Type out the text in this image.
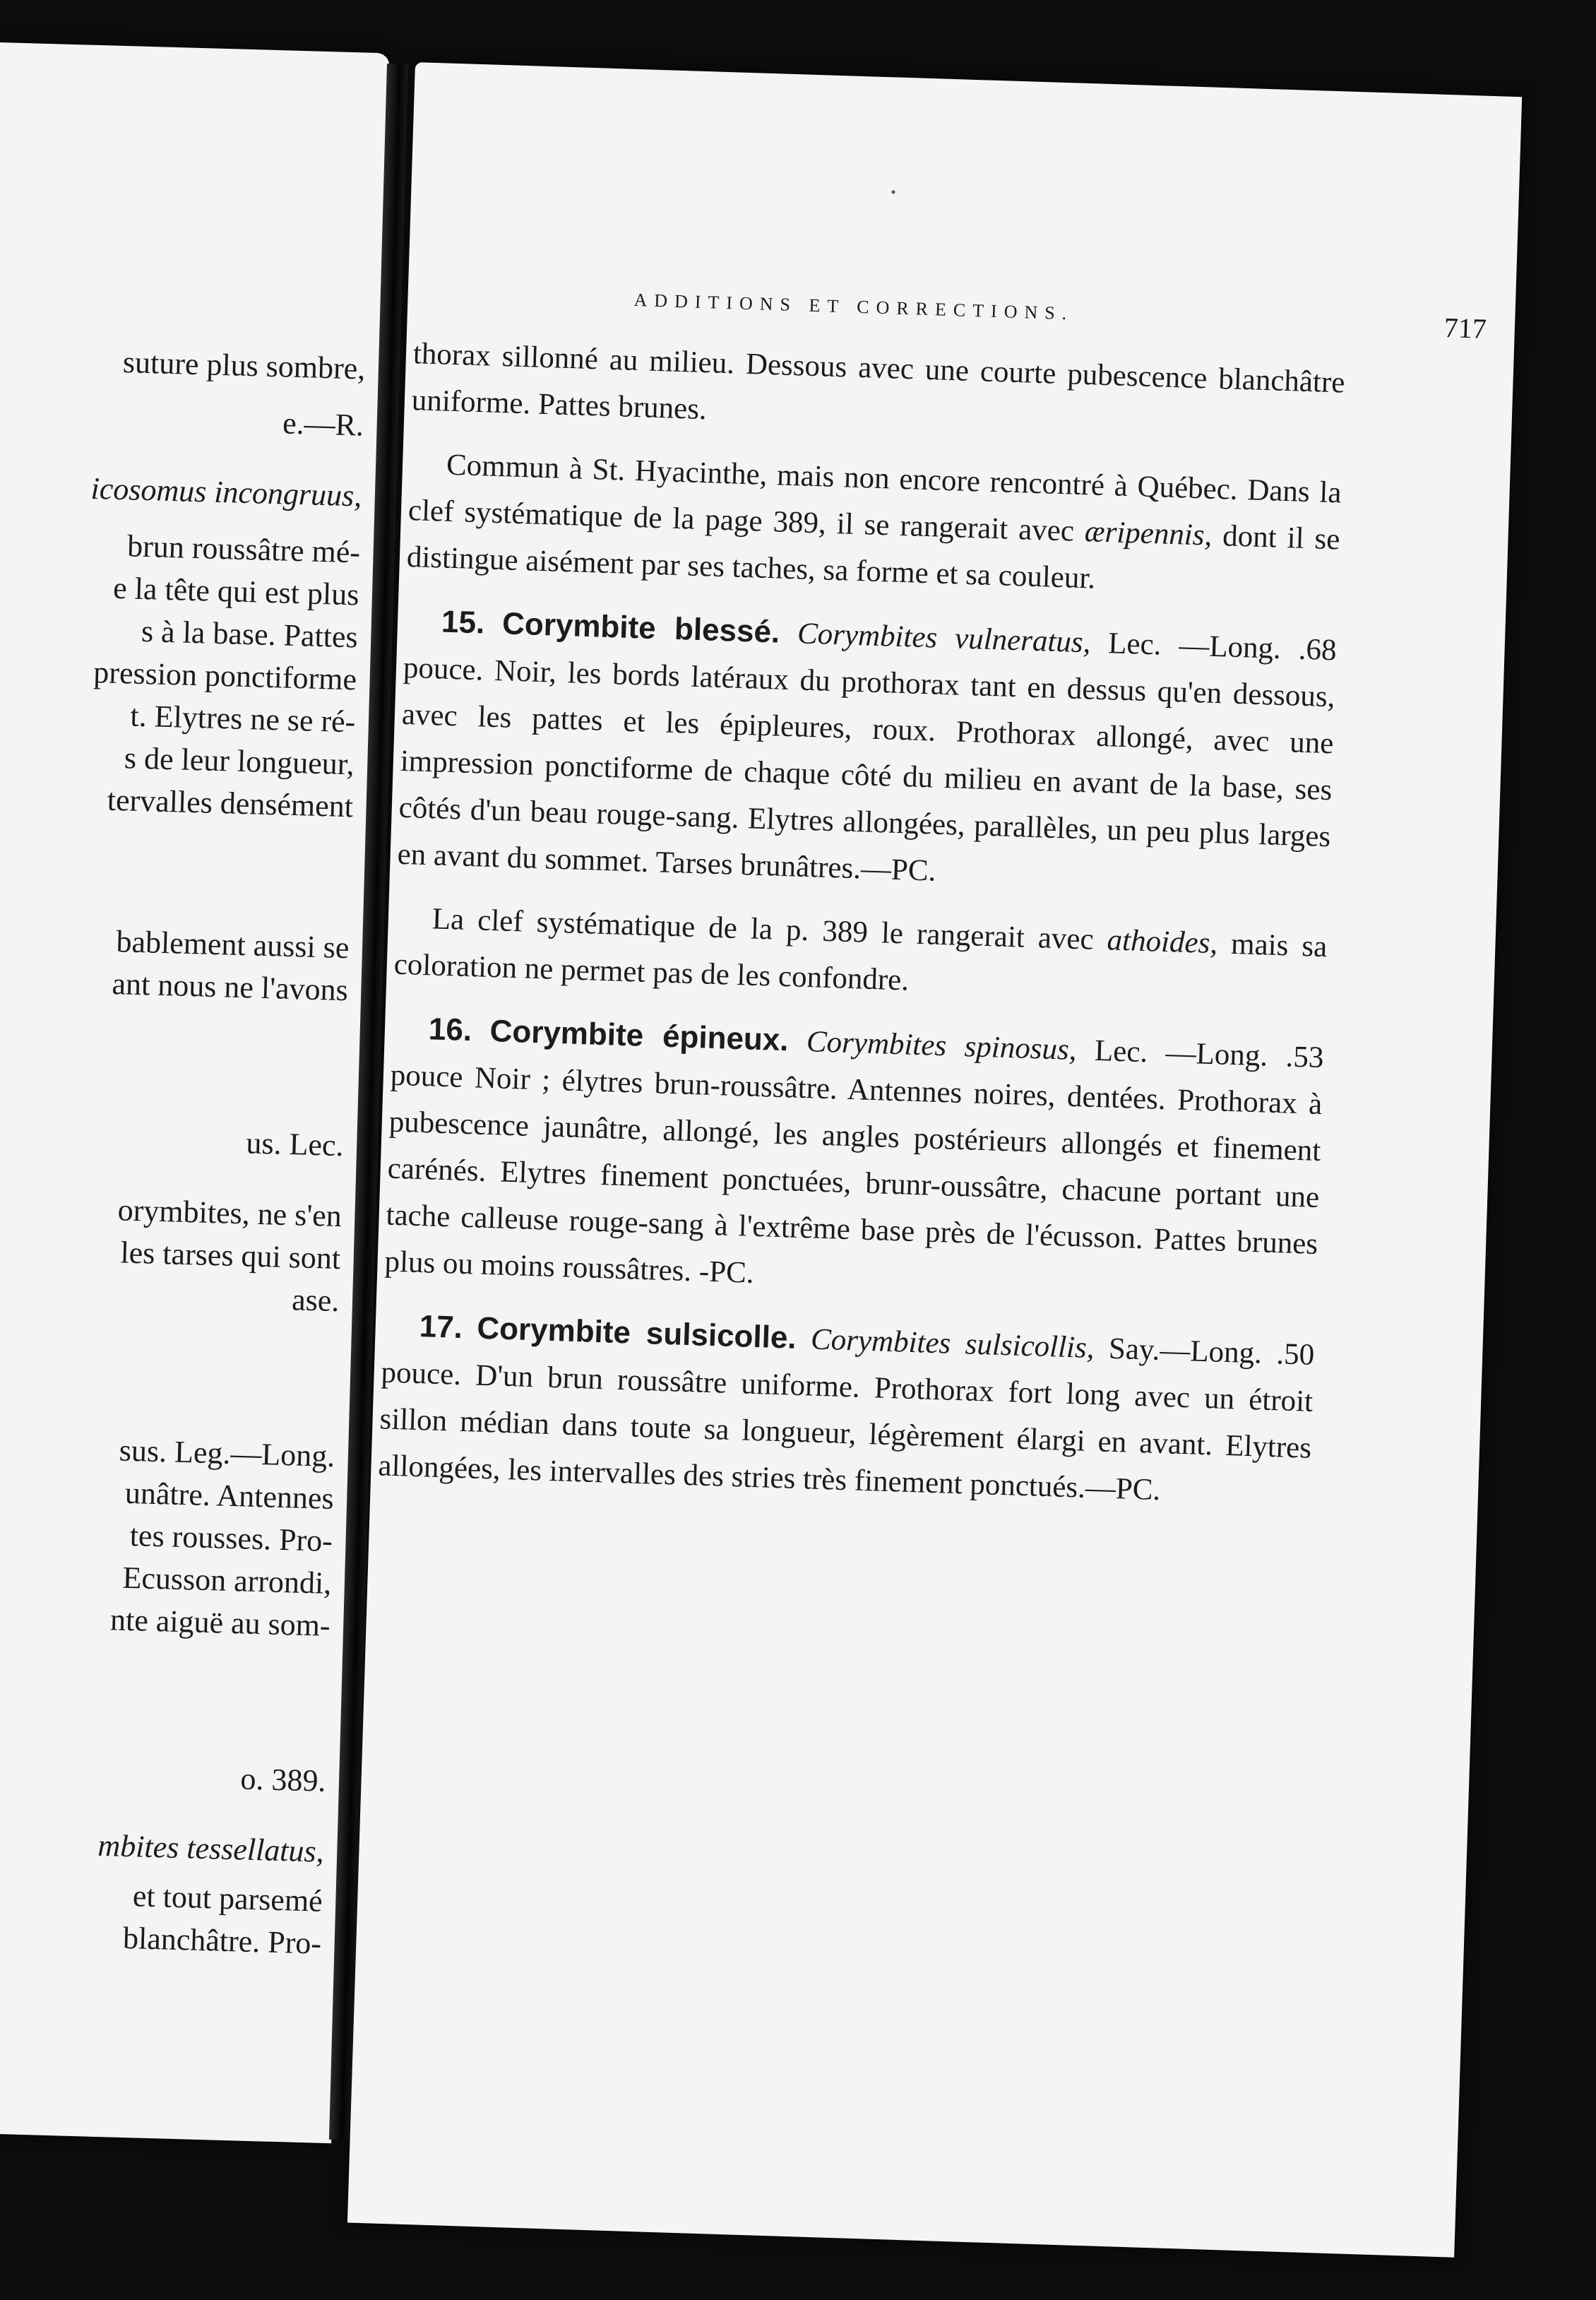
suture plus sombre,
e.—R.
icosomus incongruus,
brun roussâtre mé-
e la tête qui est plus
s à la base. Pattes
pression ponctiforme
t. Elytres ne se ré-
s de leur longueur,
tervalles densément
bablement aussi se
ant nous ne l'avons
us. Lec.
orymbites, ne s'en
les tarses qui sont
ase.
sus. Leg.—Long.
unâtre. Antennes
tes rousses. Pro-
Ecusson arrondi,
nte aiguë au som-
o. 389.
mbites tessellatus,
et tout parsemé
blanchâtre. Pro-
ADDITIONS ET CORRECTIONS.
717

thorax sillonné au milieu. Dessous avec une courte pubescence blanchâtre uniforme. Pattes brunes.

Commun à St. Hyacinthe, mais non encore rencontré à Québec. Dans la clef systématique de la page 389, il se rangerait avec æripennis, dont il se distingue aisément par ses taches, sa forme et sa couleur.

15. Corymbite blessé. Corymbites vulneratus, Lec. —Long. .68 pouce. Noir, les bords latéraux du prothorax tant en dessus qu'en dessous, avec les pattes et les épipleures, roux. Prothorax allongé, avec une impression ponctiforme de chaque côté du milieu en avant de la base, ses côtés d'un beau rouge-sang. Elytres allongées, parallèles, un peu plus larges en avant du sommet. Tarses brunâtres.—PC.

La clef systématique de la p. 389 le rangerait avec athoides, mais sa coloration ne permet pas de les confondre.

16. Corymbite épineux. Corymbites spinosus, Lec. —Long. .53 pouce Noir ; élytres brun-roussâtre. Antennes noires, dentées. Prothorax à pubescence jaunâtre, allongé, les angles postérieurs allongés et finement carénés. Elytres finement ponctuées, brunr-oussâtre, chacune portant une tache calleuse rouge-sang à l'extrême base près de l'écusson. Pattes brunes plus ou moins roussâtres. -PC.

17. Corymbite sulsicolle. Corymbites sulsicollis, Say.—Long. .50 pouce. D'un brun roussâtre uniforme. Prothorax fort long avec un étroit sillon médian dans toute sa longueur, légèrement élargi en avant. Elytres allongées, les intervalles des stries très finement ponctués.—PC.
